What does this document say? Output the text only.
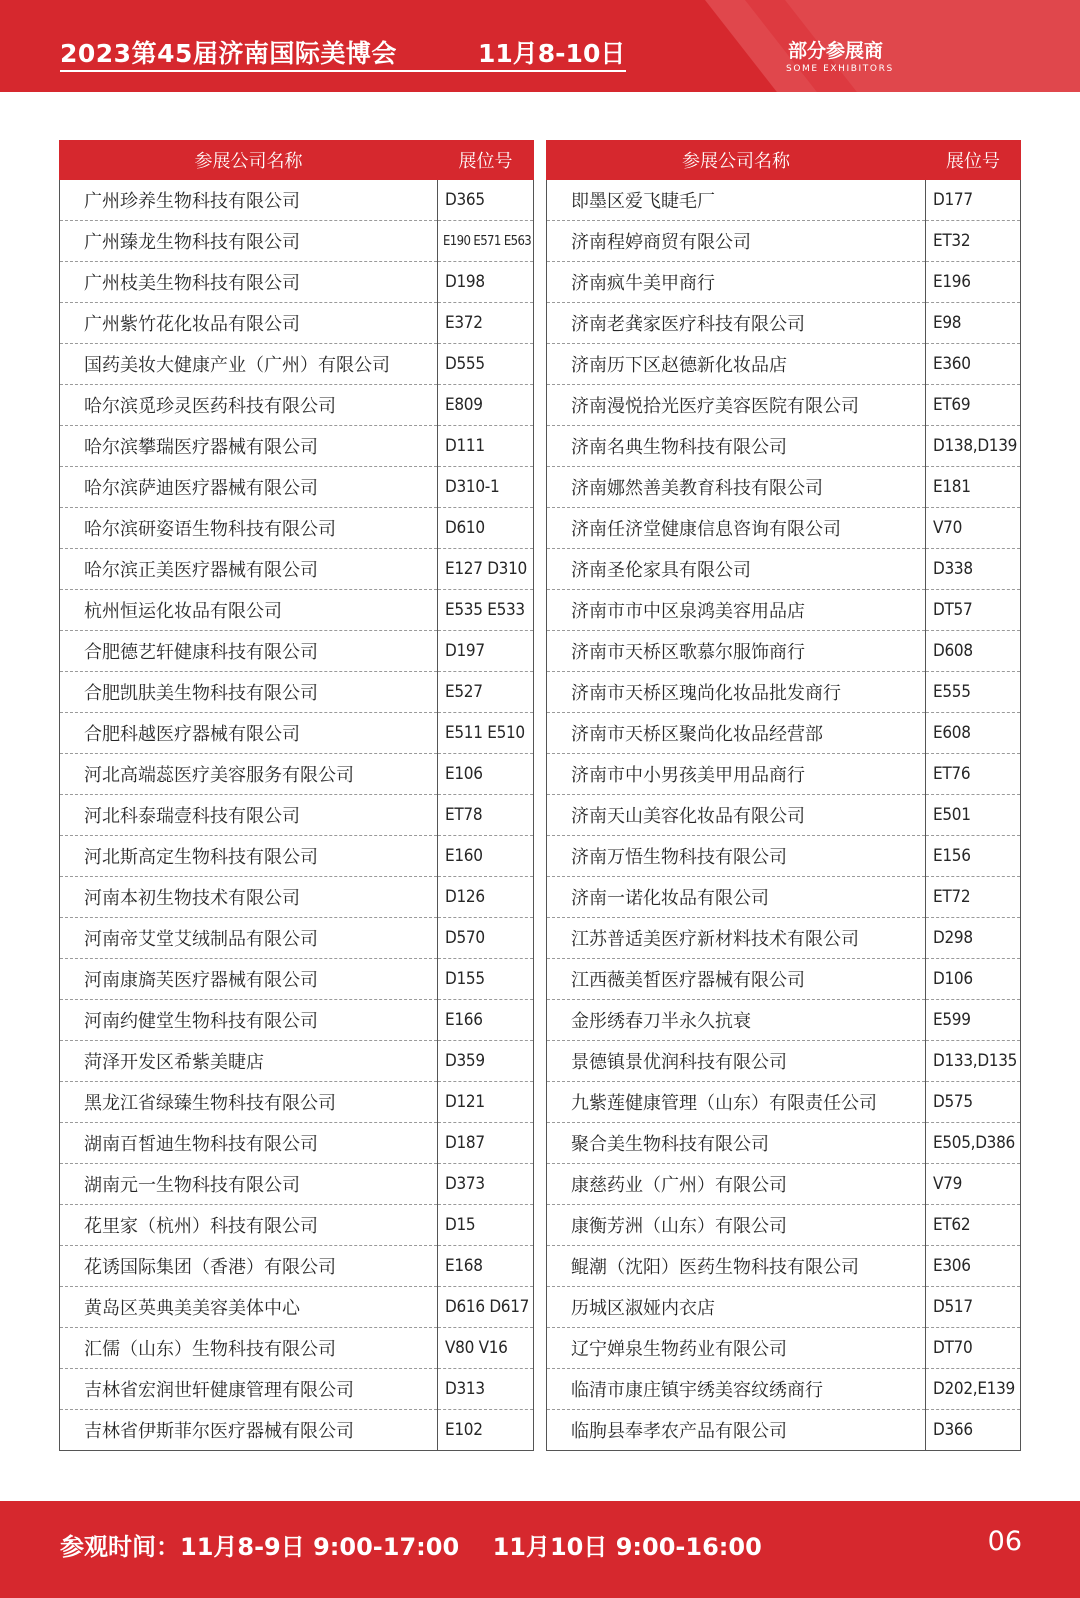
2023第45届济南国际美博会	11月8-10日	部分参展商
SOME EXHIBITORS
参展公司名称	展位号
广州珍养生物科技有限公司	D365
广州臻龙生物科技有限公司	E190 E571 E563
广州枝美生物科技有限公司	D198
广州紫竹花化妆品有限公司	E372
国药美妆大健康产业（广州）有限公司	D555
哈尔滨觅珍灵医药科技有限公司	E809
哈尔滨攀瑞医疗器械有限公司	D111
哈尔滨萨迪医疗器械有限公司	D310-1
哈尔滨研姿语生物科技有限公司	D610
哈尔滨正美医疗器械有限公司	E127 D310
杭州恒运化妆品有限公司	E535 E533
合肥德艺轩健康科技有限公司	D197
合肥凯肤美生物科技有限公司	E527
合肥科越医疗器械有限公司	E511 E510
河北高端蕊医疗美容服务有限公司	E106
河北科泰瑞壹科技有限公司	ET78
河北斯高定生物科技有限公司	E160
河南本初生物技术有限公司	D126
河南帝艾堂艾绒制品有限公司	D570
河南康旖芙医疗器械有限公司	D155
河南约健堂生物科技有限公司	E166
菏泽开发区希紫美睫店	D359
黑龙江省绿臻生物科技有限公司	D121
湖南百皙迪生物科技有限公司	D187
湖南元一生物科技有限公司	D373
花里家（杭州）科技有限公司	D15
花诱国际集团（香港）有限公司	E168
黄岛区英典美美容美体中心	D616 D617
汇儒（山东）生物科技有限公司	V80 V16
吉林省宏润世轩健康管理有限公司	D313
吉林省伊斯菲尔医疗器械有限公司	E102
参展公司名称	展位号
即墨区爱飞睫毛厂	D177
济南程婷商贸有限公司	ET32
济南疯牛美甲商行	E196
济南老龚家医疗科技有限公司	E98
济南历下区赵德新化妆品店	E360
济南漫悦拾光医疗美容医院有限公司	ET69
济南名典生物科技有限公司	D138,D139
济南娜然善美教育科技有限公司	E181
济南任济堂健康信息咨询有限公司	V70
济南圣伦家具有限公司	D338
济南市市中区泉鸿美容用品店	DT57
济南市天桥区歌慕尔服饰商行	D608
济南市天桥区瑰尚化妆品批发商行	E555
济南市天桥区聚尚化妆品经营部	E608
济南市中小男孩美甲用品商行	ET76
济南天山美容化妆品有限公司	E501
济南万悟生物科技有限公司	E156
济南一诺化妆品有限公司	ET72
江苏普适美医疗新材料技术有限公司	D298
江西薇美皙医疗器械有限公司	D106
金彤绣春刀半永久抗衰	E599
景德镇景优润科技有限公司	D133,D135
九紫莲健康管理（山东）有限责任公司	D575
聚合美生物科技有限公司	E505,D386
康慈药业（广州）有限公司	V79
康衡芳洲（山东）有限公司	ET62
鲲潮（沈阳）医药生物科技有限公司	E306
历城区淑娅内衣店	D517
辽宁婵泉生物药业有限公司	DT70
临清市康庄镇宇绣美容纹绣商行	D202,E139
临朐县奉孝农产品有限公司	D366
参观时间：11月8-9日 9:00-17:00    11月10日 9:00-16:00	06
